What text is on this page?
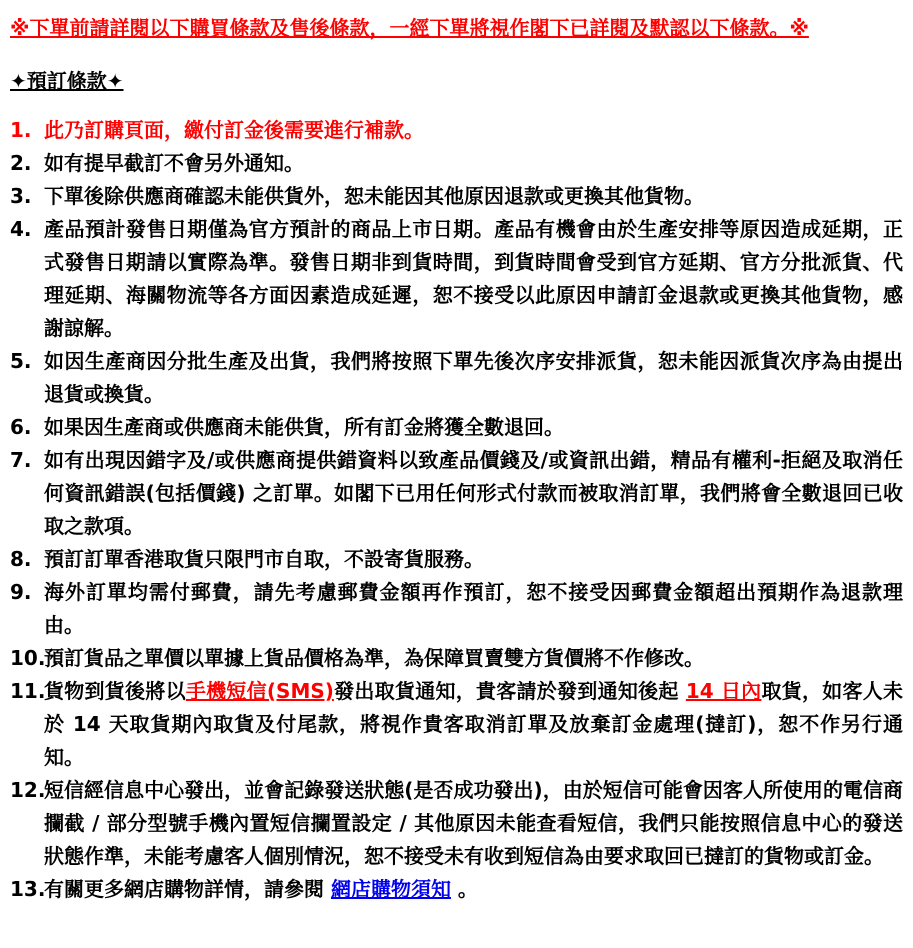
※下單前請詳閱以下購買條款及售後條款，一經下單將視作閣下已詳閱及默認以下條款。※
✦預訂條款✦
1. 此乃訂購頁面，繳付訂金後需要進行補款。
2. 如有提早截訂不會另外通知。
3. 下單後除供應商確認未能供貨外，恕未能因其他原因退款或更換其他貨物。
4. 產品預計發售日期僅為官方預計的商品上市日期。產品有機會由於生產安排等原因造成延期，正式發售日期請以實際為準。發售日期非到貨時間，到貨時間會受到官方延期、官方分批派貨、代理延期、海關物流等各方面因素造成延遲，恕不接受以此原因申請訂金退款或更換其他貨物，感謝諒解。
5. 如因生產商因分批生產及出貨，我們將按照下單先後次序安排派貨，恕未能因派貨次序為由提出退貨或換貨。
6. 如果因生產商或供應商未能供貨，所有訂金將獲全數退回。
7. 如有出現因錯字及/或供應商提供錯資料以致產品價錢及/或資訊出錯，精品有權利-拒絕及取消任何資訊錯誤(包括價錢) 之訂單。如閣下已用任何形式付款而被取消訂單，我們將會全數退回已收取之款項。
8. 預訂訂單香港取貨只限門市自取，不設寄貨服務。
9. 海外訂單均需付郵費，請先考慮郵費金額再作預訂，恕不接受因郵費金額超出預期作為退款理由。
10.
預訂貨品之單價以單據上貨品價格為準，為保障買賣雙方貨價將不作修改。
11.
貨物到貨後將以手機短信(SMS)發出取貨通知，貴客請於發到通知後起 14 日內取貨，如客人未於 14 天取貨期內取貨及付尾款，將視作貴客取消訂單及放棄訂金處理(撻訂)，恕不作另行通知。
12.
短信經信息中心發出，並會記錄發送狀態(是否成功發出)，由於短信可能會因客人所使用的電信商攔截 / 部分型號手機內置短信攔置設定 / 其他原因未能查看短信，我們只能按照信息中心的發送狀態作準，未能考慮客人個別情況，恕不接受未有收到短信為由要求取回已撻訂的貨物或訂金。
13.
有關更多網店購物詳情，請參閱 網店購物須知 。
